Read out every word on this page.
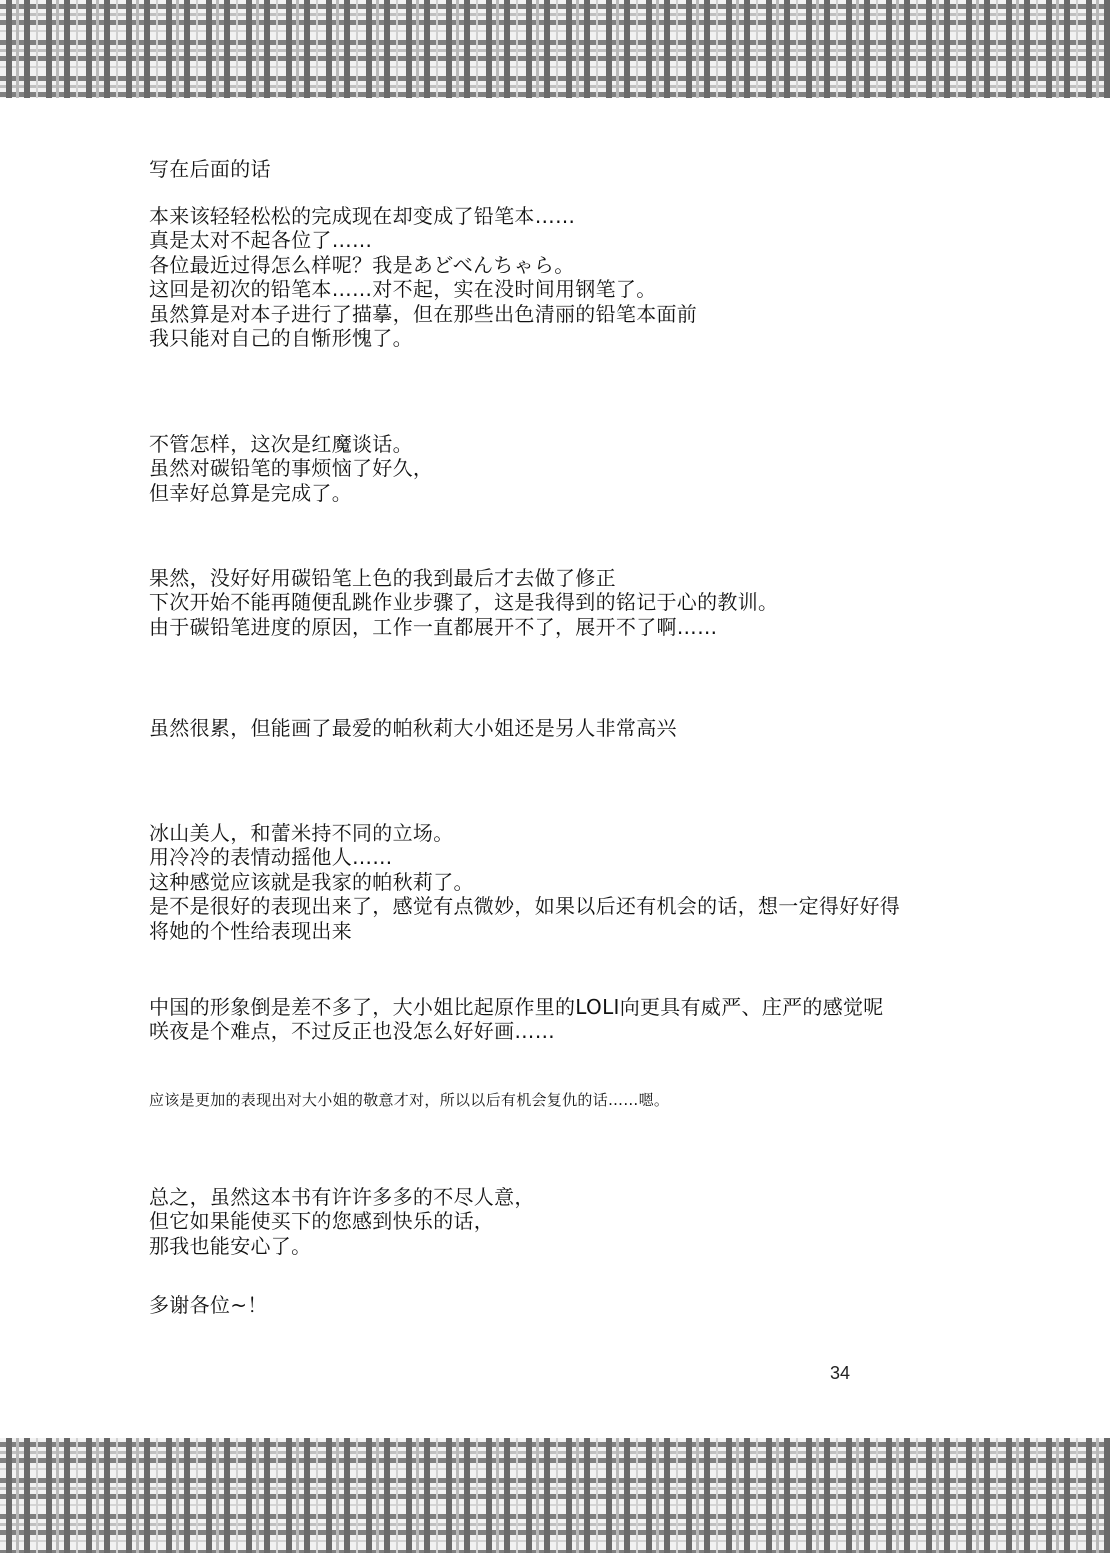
写在后面的话

本来该轻轻松松的完成现在却变成了铅笔本……
真是太对不起各位了……
各位最近过得怎么样呢？我是あどべんちゃら。
这回是初次的铅笔本……对不起，实在没时间用钢笔了。
虽然算是对本子进行了描摹，但在那些出色清丽的铅笔本面前
我只能对自己的自惭形愧了。

不管怎样，这次是红魔谈话。
虽然对碳铅笔的事烦恼了好久，
但幸好总算是完成了。

果然，没好好用碳铅笔上色的我到最后才去做了修正
下次开始不能再随便乱跳作业步骤了，这是我得到的铭记于心的教训。
由于碳铅笔进度的原因，工作一直都展开不了，展开不了啊……

虽然很累，但能画了最爱的帕秋莉大小姐还是另人非常高兴

冰山美人，和蕾米持不同的立场。
用冷冷的表情动摇他人……
这种感觉应该就是我家的帕秋莉了。
是不是很好的表现出来了，感觉有点微妙，如果以后还有机会的话，想一定得好好得
将她的个性给表现出来

中国的形象倒是差不多了，大小姐比起原作里的LOLI向更具有威严、庄严的感觉呢
咲夜是个难点，不过反正也没怎么好好画……

应该是更加的表现出对大小姐的敬意才对，所以以后有机会复仇的话……嗯。

总之，虽然这本书有许许多多的不尽人意，
但它如果能使买下的您感到快乐的话，
那我也能安心了。

多谢各位~！

34
